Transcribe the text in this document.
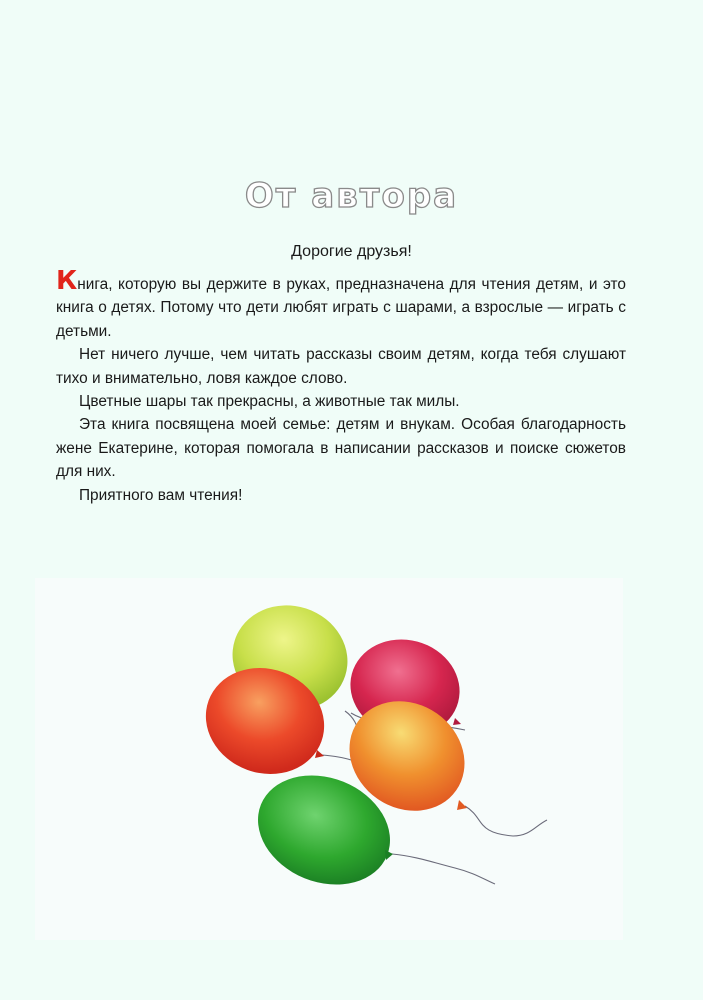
От автора
Дорогие друзья!

Книга, которую вы держите в руках, предназначена для чтения детям, и это книга о детях. Потому что дети любят играть с шарами, а взрослые — играть с детьми.

Нет ничего лучше, чем читать рассказы своим детям, когда тебя слушают тихо и внимательно, ловя каждое слово.

Цветные шары так прекрасны, а животные так милы.

Эта книга посвящена моей семье: детям и внукам. Особая благодарность жене Екатерине, которая помогала в написании рассказов и поиске сюжетов для них.

Приятного вам чтения!
